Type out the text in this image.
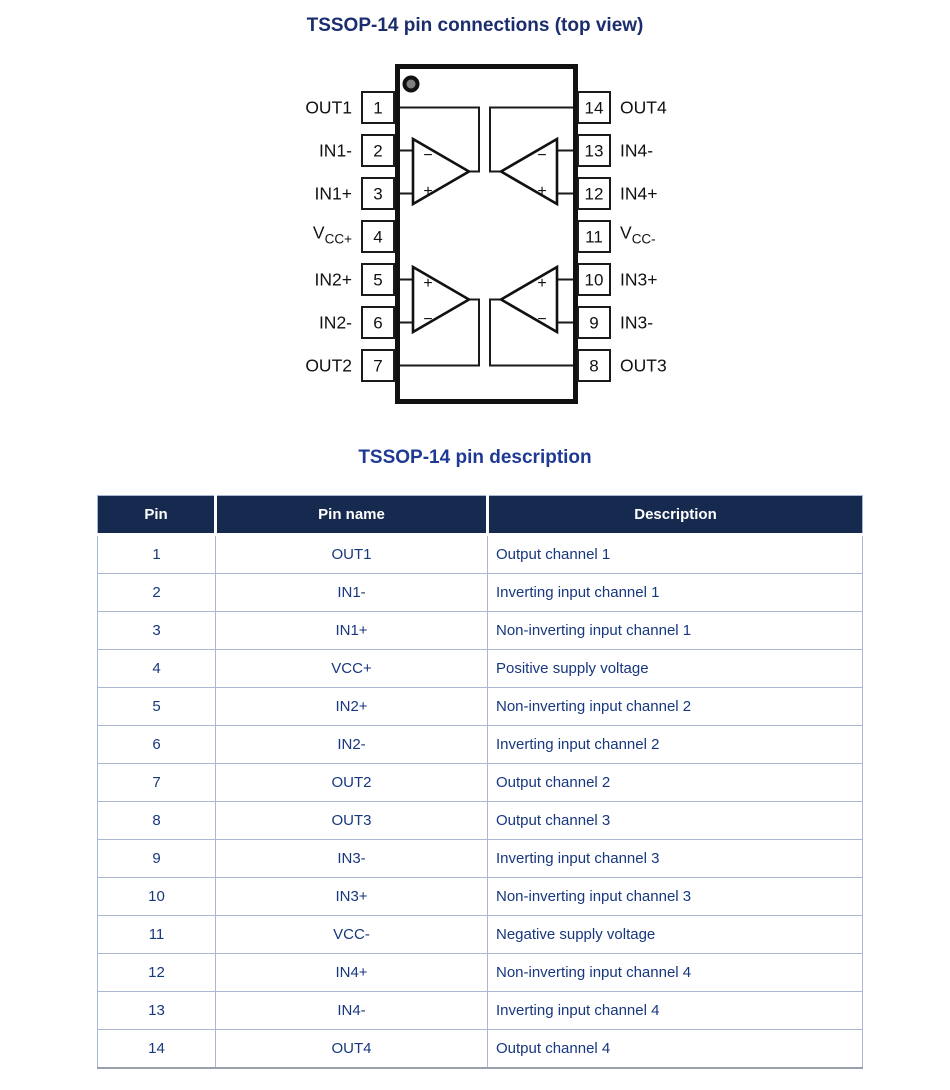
TSSOP-14 pin connections (top view)
−
+
−
+
+
−
+
−
1
2
3
4
5
6
7
14
13
12
11
10
9
8
OUT1
IN1-
IN1+
$V_{CC+}$
IN2+
IN2-
OUT2
OUT4
IN4-
IN4+
$V_{CC-}$
IN3+
IN3-
OUT3
TSSOP-14 pin description
Pin	Pin name	Description
1	OUT1	Output channel 1
2	IN1-	Inverting input channel 1
3	IN1+	Non-inverting input channel 1
4	VCC+	Positive supply voltage
5	IN2+	Non-inverting input channel 2
6	IN2-	Inverting input channel 2
7	OUT2	Output channel 2
8	OUT3	Output channel 3
9	IN3-	Inverting input channel 3
10	IN3+	Non-inverting input channel 3
11	VCC-	Negative supply voltage
12	IN4+	Non-inverting input channel 4
13	IN4-	Inverting input channel 4
14	OUT4	Output channel 4
